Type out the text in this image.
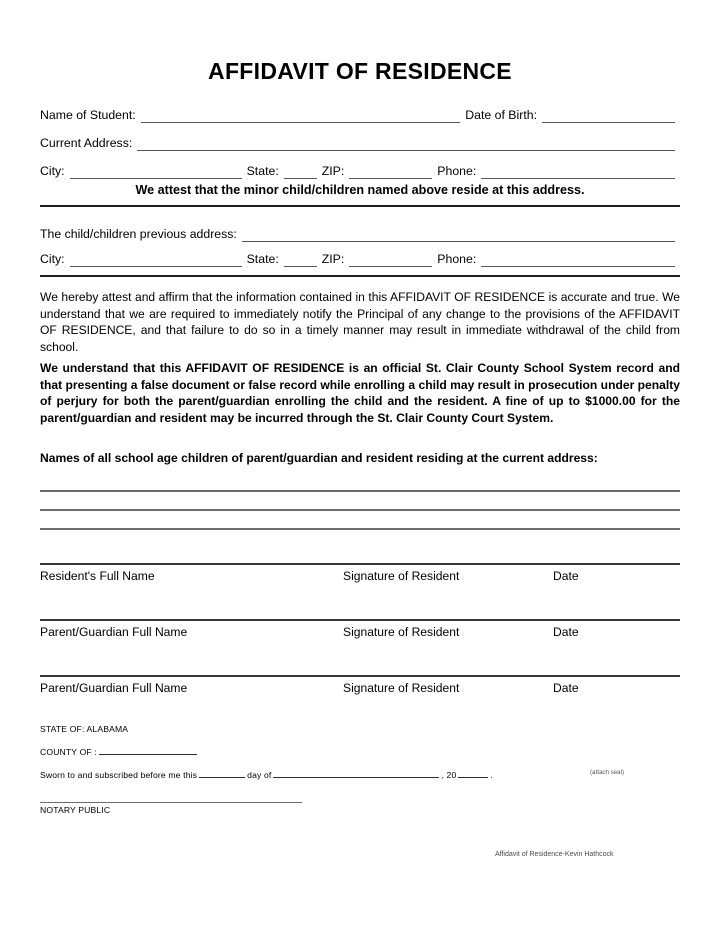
AFFIDAVIT OF RESIDENCE
Name of Student:	Date of Birth:
Current Address:
City:	State:	ZIP:	Phone:
We attest that the minor child/children named above reside at this address.
The child/children previous address:
City:	State:	ZIP:	Phone:
We hereby attest and affirm that the information contained in this AFFIDAVIT OF RESIDENCE is accurate and true. We understand that we are required to immediately notify the Principal of any change to the provisions of the AFFIDAVIT OF RESIDENCE, and that failure to do so in a timely manner may result in immediate withdrawal of the child from school.
We understand that this AFFIDAVIT OF RESIDENCE is an official St. Clair County School System record and that presenting a false document or false record while enrolling a child may result in prosecution under penalty of perjury for both the parent/guardian enrolling the child and the resident. A fine of up to $1000.00 for the parent/guardian and resident may be incurred through the St. Clair County Court System.
Names of all school age children of parent/guardian and resident residing at the current address:
Resident's Full Name	Signature of Resident	Date
Parent/Guardian Full Name	Signature of Resident	Date
Parent/Guardian Full Name	Signature of Resident	Date
STATE OF: ALABAMA
COUNTY OF :
Sworn to and subscribed before me this	day of	, 20	.	(attach seal)
NOTARY PUBLIC
Affidavit of Residence-Kevin Hathcock
